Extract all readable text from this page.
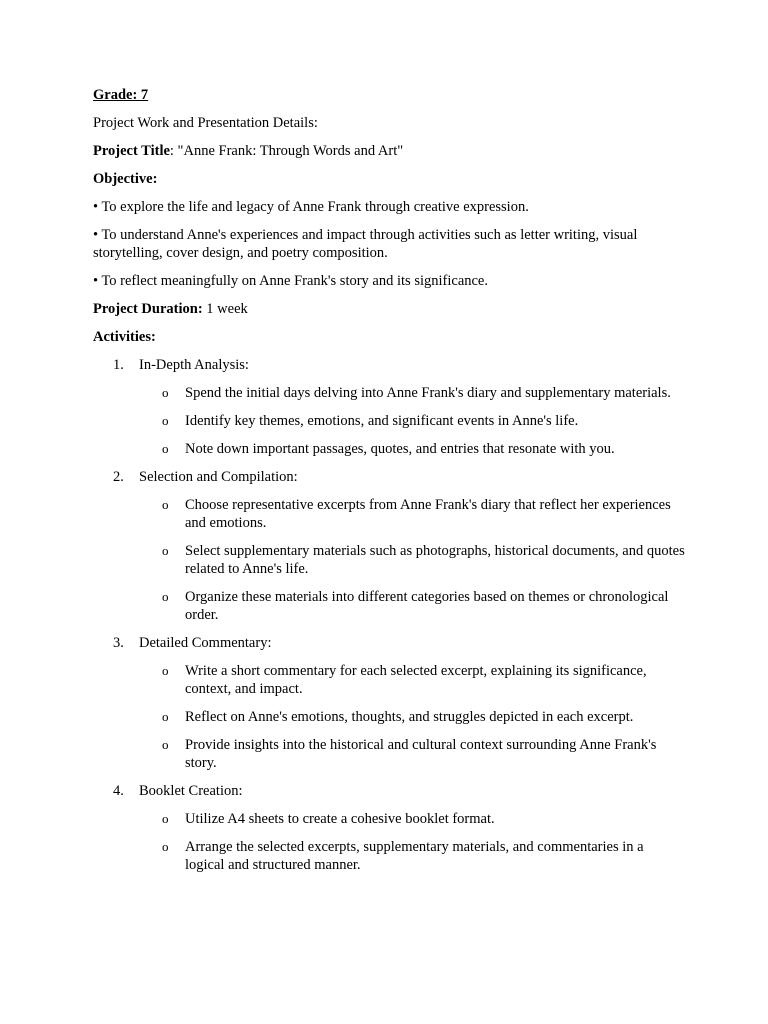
Grade: 7
Project Work and Presentation Details:
Project Title: "Anne Frank: Through Words and Art"
Objective:
• To explore the life and legacy of Anne Frank through creative expression.
• To understand Anne's experiences and impact through activities such as letter writing, visual storytelling, cover design, and poetry composition.
• To reflect meaningfully on Anne Frank's story and its significance.
Project Duration: 1 week
Activities:
1.	In-Depth Analysis:
o Spend the initial days delving into Anne Frank's diary and supplementary materials.
o Identify key themes, emotions, and significant events in Anne's life.
o Note down important passages, quotes, and entries that resonate with you.
2.	Selection and Compilation:
o Choose representative excerpts from Anne Frank's diary that reflect her experiences and emotions.
o Select supplementary materials such as photographs, historical documents, and quotes related to Anne's life.
o Organize these materials into different categories based on themes or chronological order.
3.	Detailed Commentary:
o Write a short commentary for each selected excerpt, explaining its significance, context, and impact.
o Reflect on Anne's emotions, thoughts, and struggles depicted in each excerpt.
o Provide insights into the historical and cultural context surrounding Anne Frank's story.
4.	Booklet Creation:
o Utilize A4 sheets to create a cohesive booklet format.
o Arrange the selected excerpts, supplementary materials, and commentaries in a logical and structured manner.
